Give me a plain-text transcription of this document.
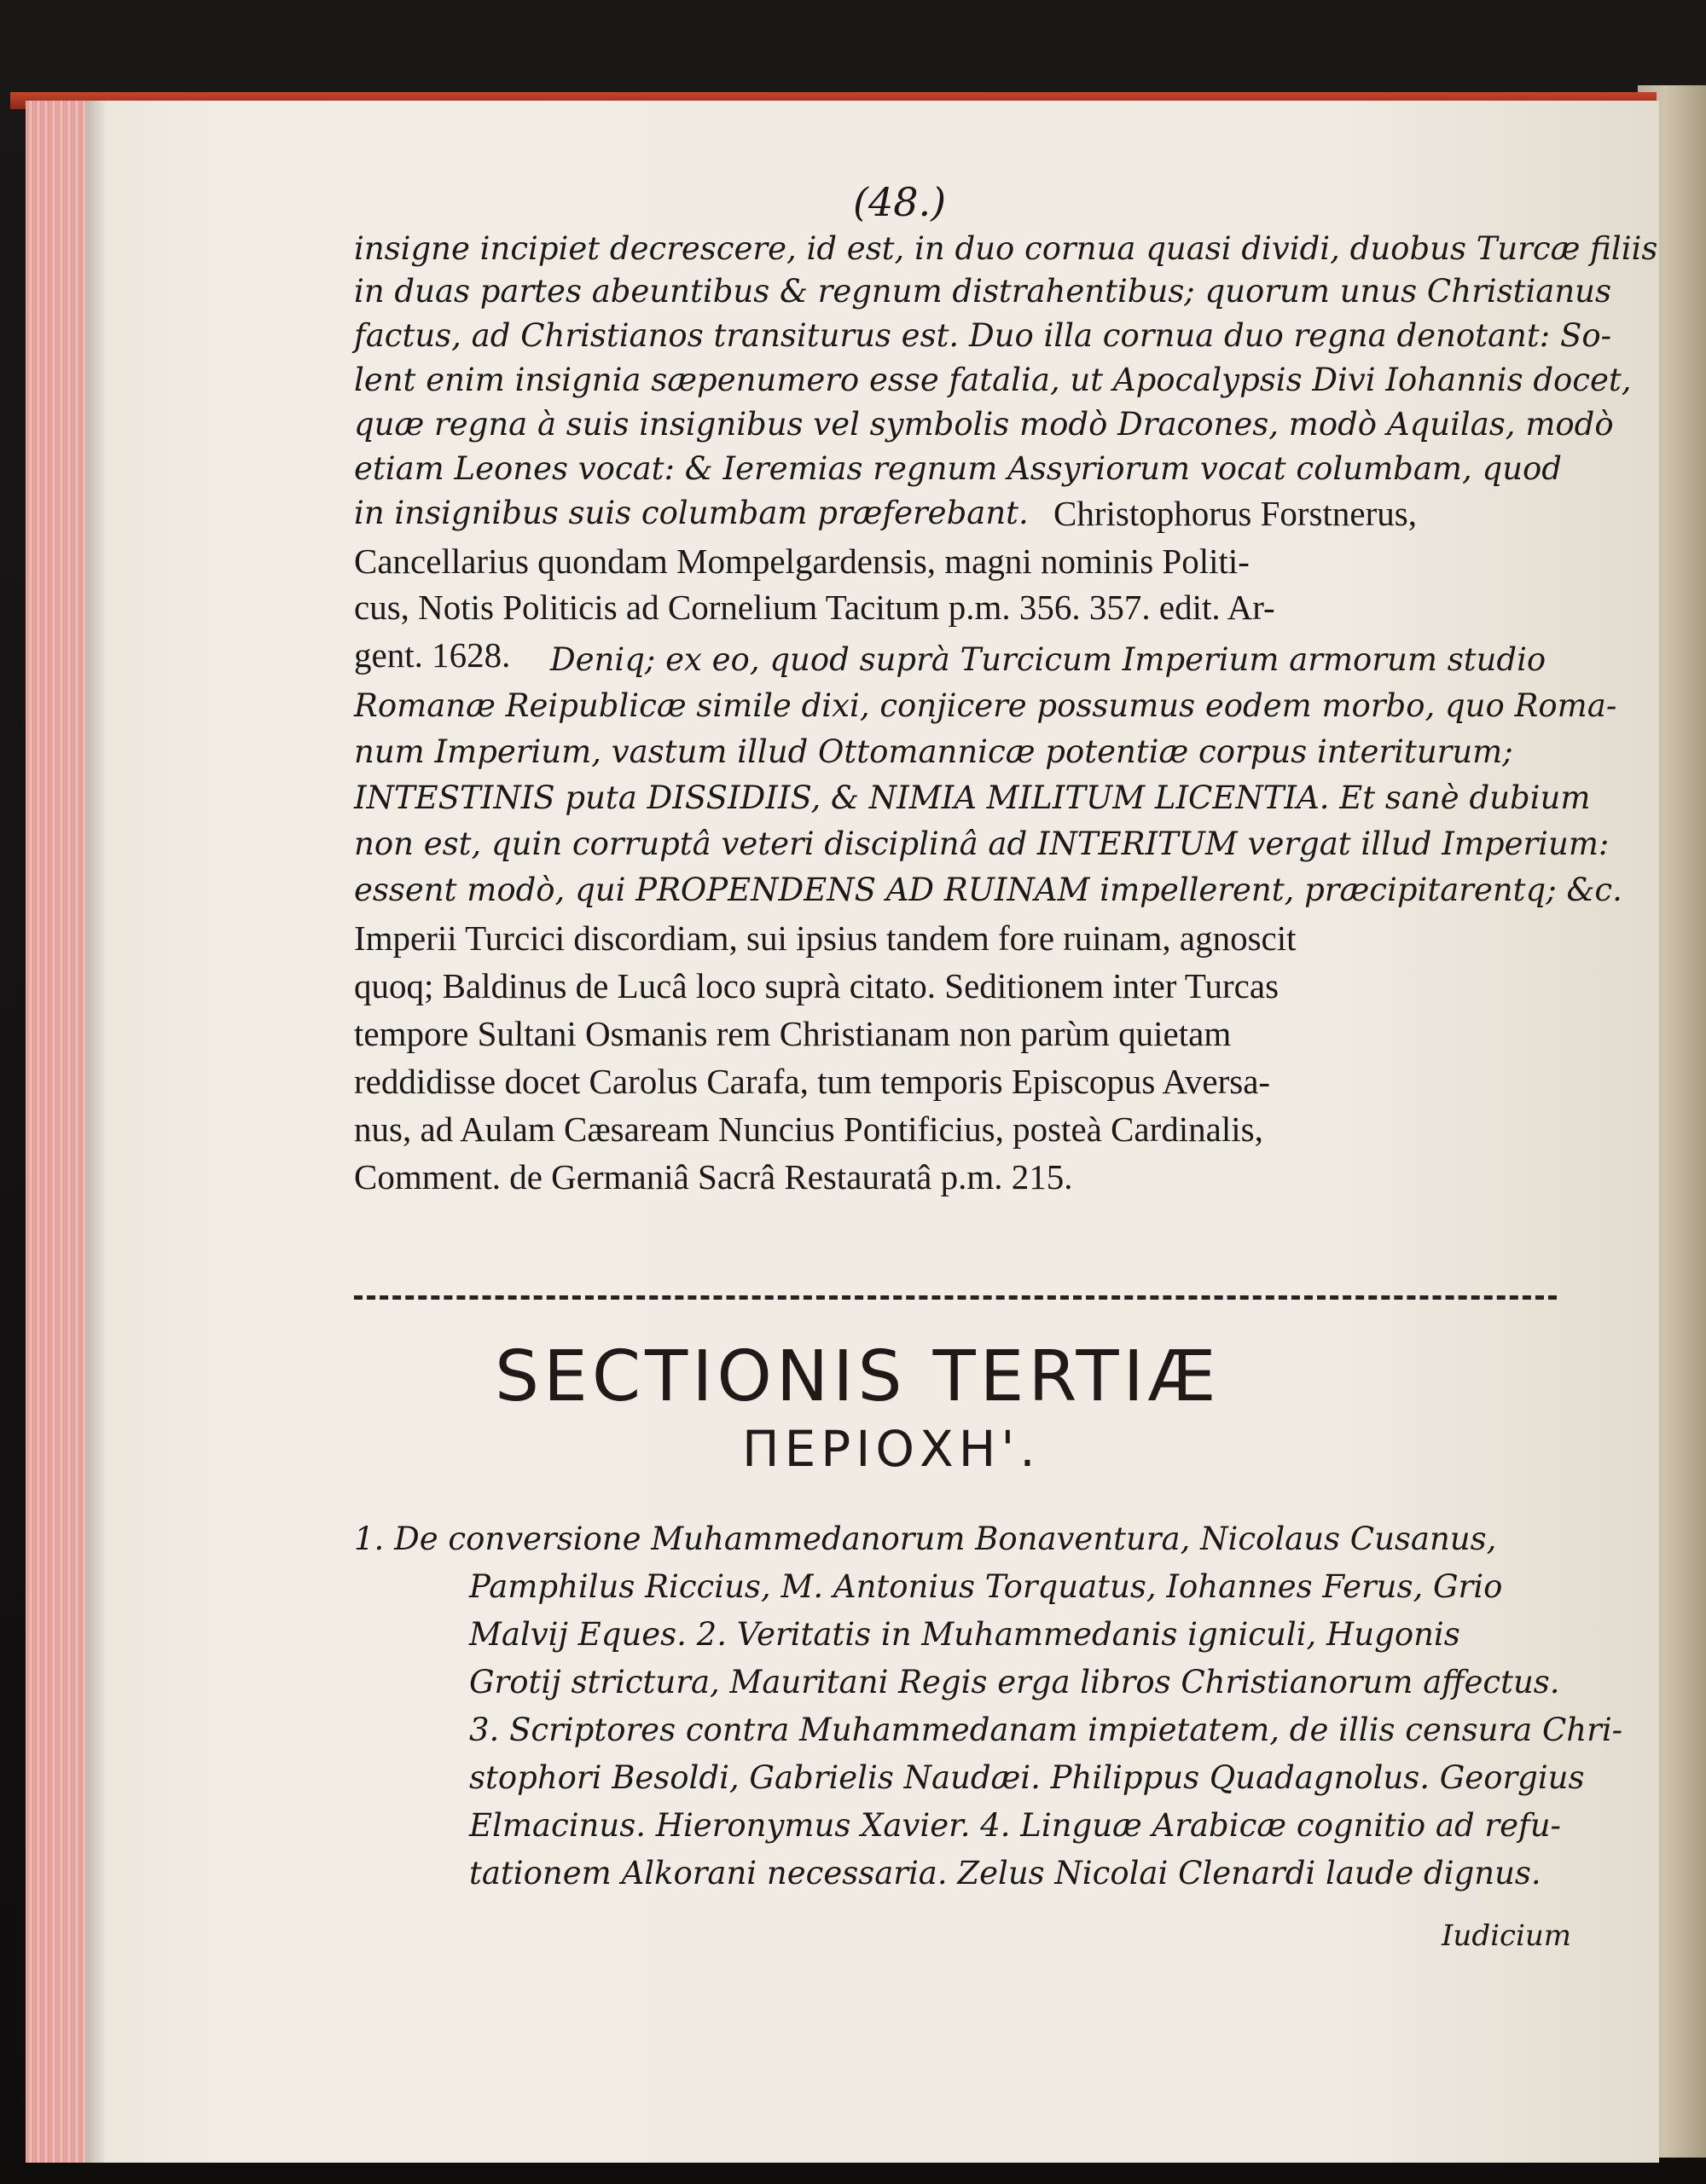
(48.)
insigne incipiet decrescere, id est, in duo cornua quasi dividi, duobus Turcæ filiis
in duas partes abeuntibus & regnum distrahentibus; quorum unus Christianus
factus, ad Christianos transiturus est. Duo illa cornua duo regna denotant: So-
lent enim insignia sæpenumero esse fatalia, ut Apocalypsis Divi Iohannis docet,
quæ regna à suis insignibus vel symbolis modò Dracones, modò Aquilas, modò
etiam Leones vocat: & Ieremias regnum Assyriorum vocat columbam, quod
in insignibus suis columbam præferebant. Christophorus Forstnerus,
Cancellarius quondam Mompelgardensis, magni nominis Politi-
cus, Notis Politicis ad Cornelium Tacitum p.m. 356. 357. edit. Ar-
gent. 1628. Deniq; ex eo, quod suprà Turcicum Imperium armorum studio
Romanæ Reipublicæ simile dixi, conjicere possumus eodem morbo, quo Roma-
num Imperium, vastum illud Ottomannicæ potentiæ corpus interiturum;
INTESTINIS puta DISSIDIIS, & NIMIA MILITUM LICENTIA. Et sanè dubium
non est, quin corruptâ veteri disciplinâ ad INTERITUM vergat illud Imperium:
essent modò, qui PROPENDENS AD RUINAM impellerent, præcipitarentq; &c.
Imperii Turcici discordiam, sui ipsius tandem fore ruinam, agnoscit
quoq; Baldinus de Lucâ loco suprà citato. Seditionem inter Turcas
tempore Sultani Osmanis rem Christianam non parùm quietam
reddidisse docet Carolus Carafa, tum temporis Episcopus Aversa-
nus, ad Aulam Cæsaream Nuncius Pontificius, posteà Cardinalis,
Comment. de Germaniâ Sacrâ Restauratâ p.m. 215.
SECTIONIS TERTIÆ
ΠΕΡΙΟΧΗ'.
1. De conversione Muhammedanorum Bonaventura, Nicolaus Cusanus,
Pamphilus Riccius, M. Antonius Torquatus, Iohannes Ferus, Grio
Malvij Eques. 2. Veritatis in Muhammedanis igniculi, Hugonis
Grotij strictura, Mauritani Regis erga libros Christianorum affectus.
3. Scriptores contra Muhammedanam impietatem, de illis censura Chri-
stophori Besoldi, Gabrielis Naudæi. Philippus Quadagnolus. Georgius
Elmacinus. Hieronymus Xavier. 4. Linguæ Arabicæ cognitio ad refu-
tationem Alkorani necessaria. Zelus Nicolai Clenardi laude dignus.
Iudicium
